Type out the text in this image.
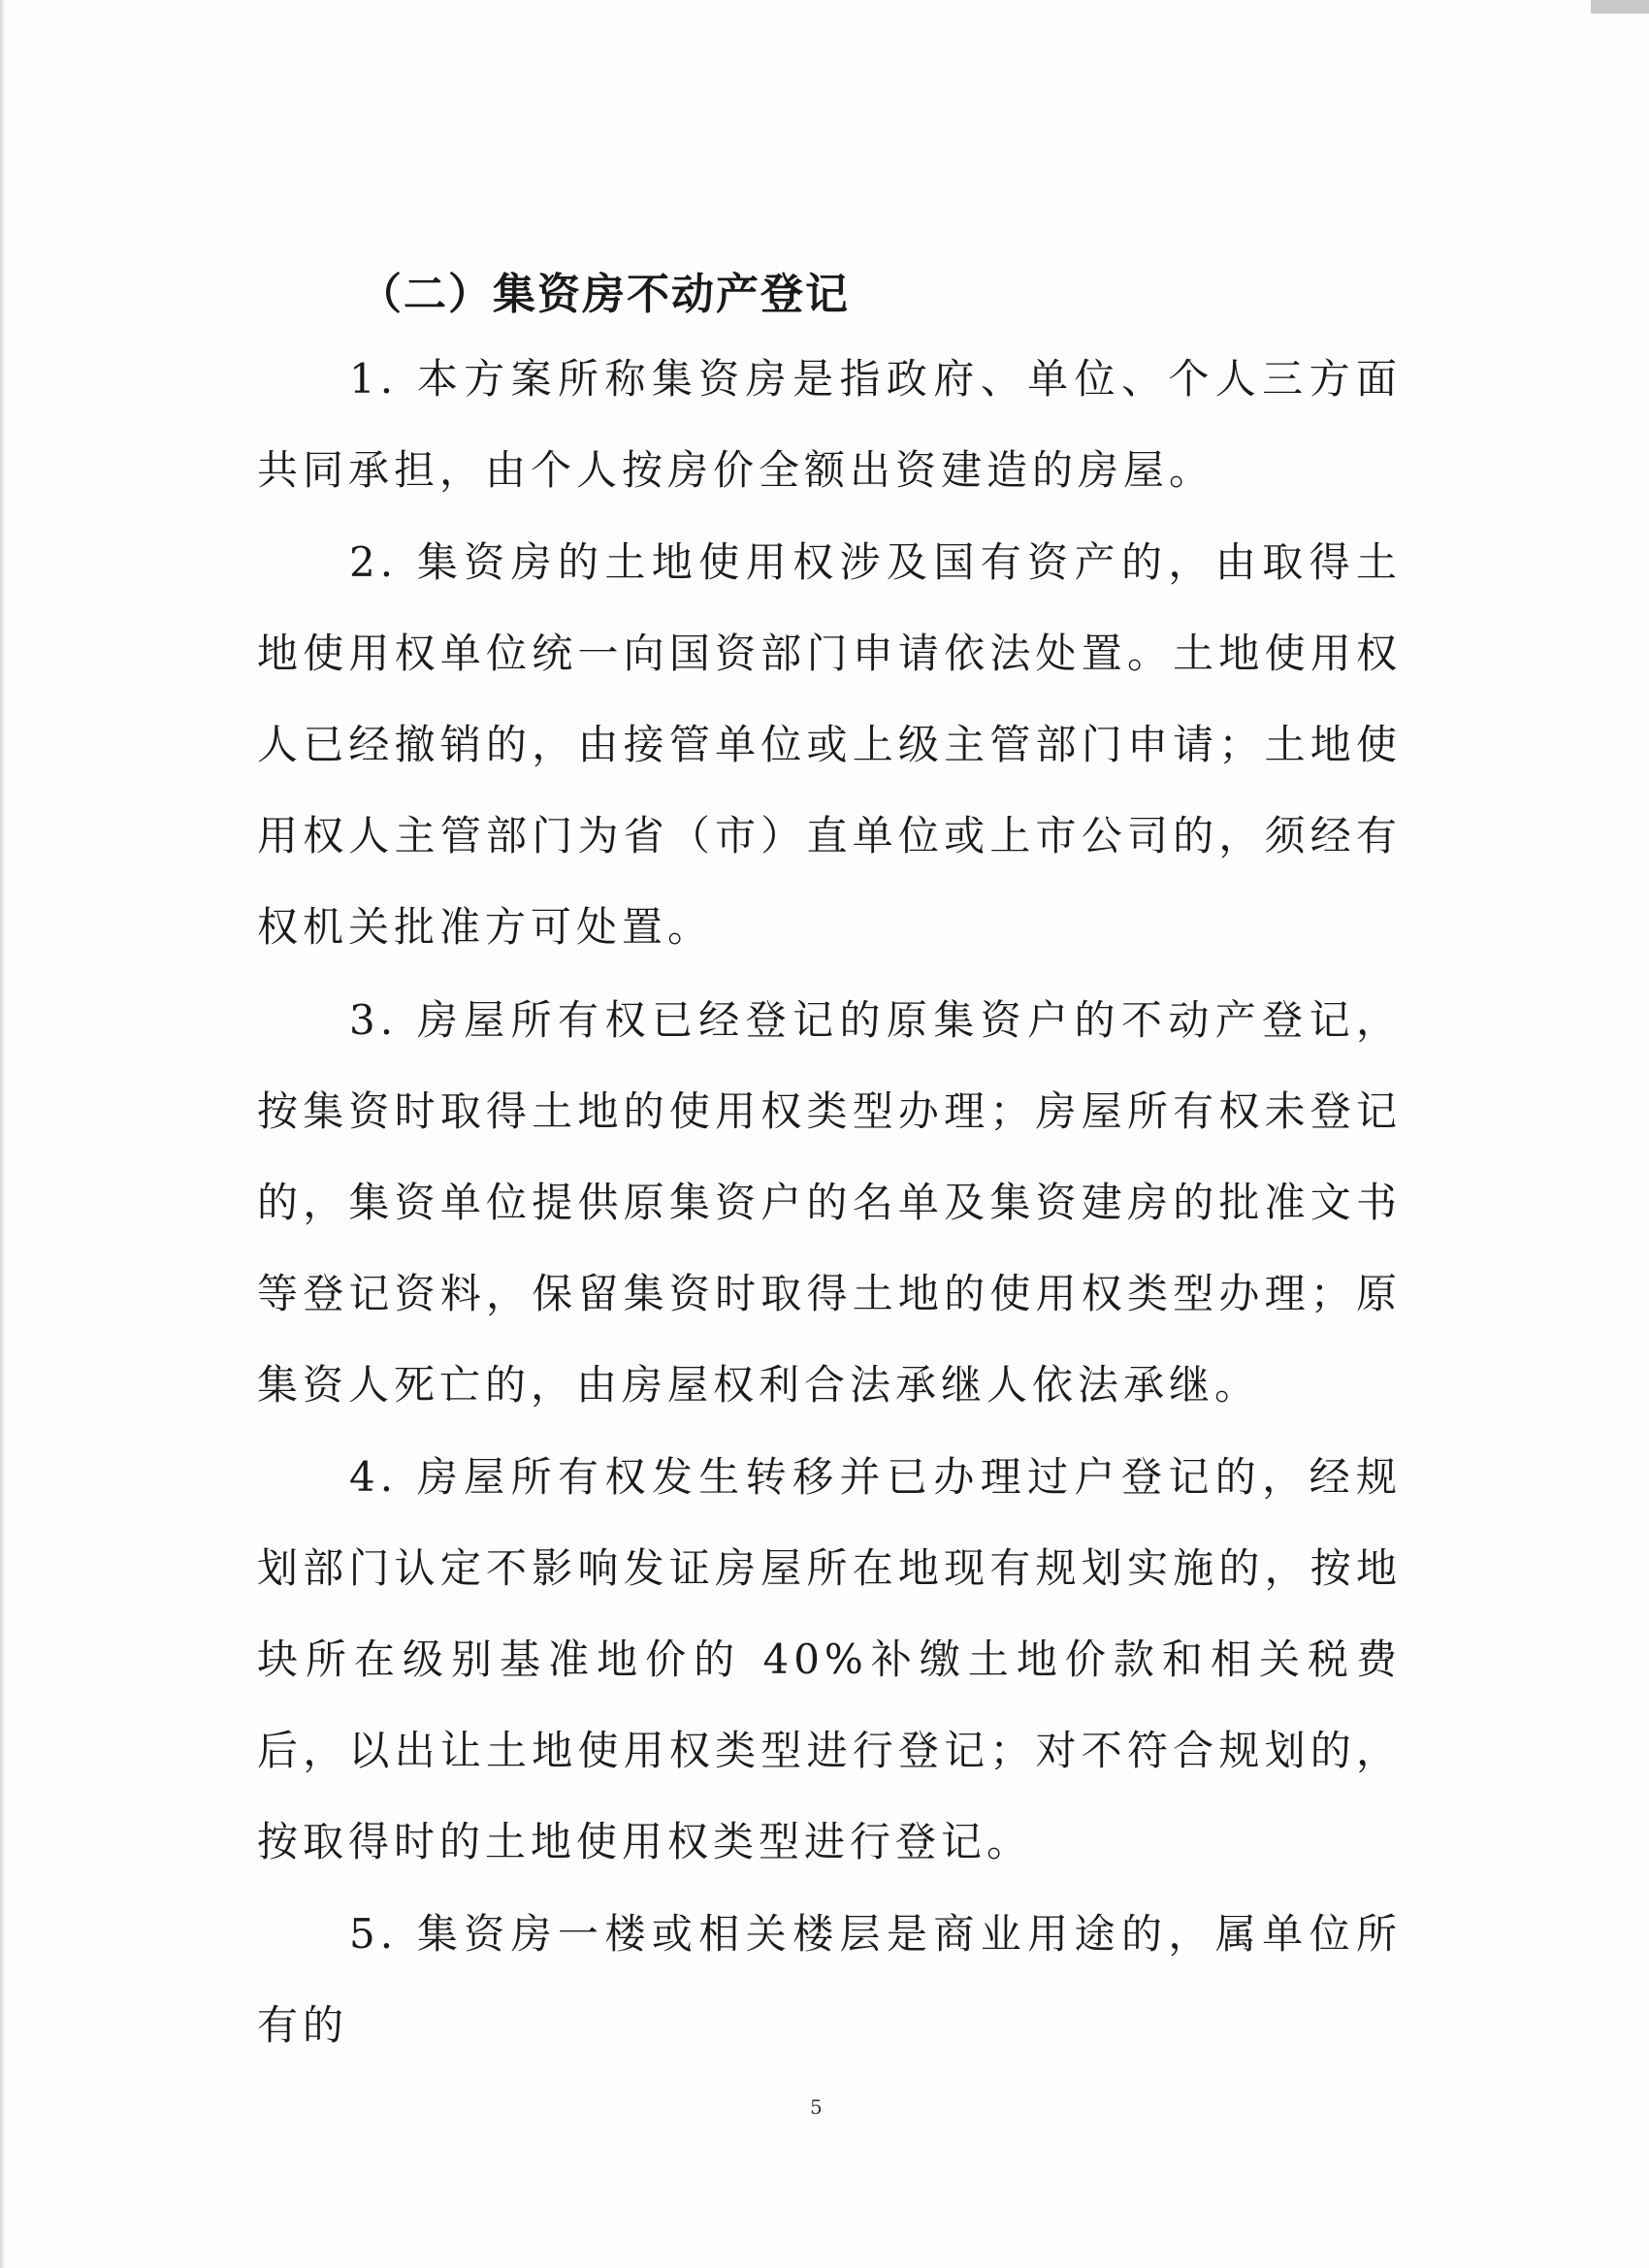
（二）集资房不动产登记

1. 本方案所称集资房是指政府、单位、个人三方面共同承担，由个人按房价全额出资建造的房屋。

2. 集资房的土地使用权涉及国有资产的，由取得土地使用权单位统一向国资部门申请依法处置。土地使用权人已经撤销的，由接管单位或上级主管部门申请；土地使用权人主管部门为省（市）直单位或上市公司的，须经有权机关批准方可处置。

3. 房屋所有权已经登记的原集资户的不动产登记，按集资时取得土地的使用权类型办理；房屋所有权未登记的，集资单位提供原集资户的名单及集资建房的批准文书等登记资料，保留集资时取得土地的使用权类型办理；原集资人死亡的，由房屋权利合法承继人依法承继。

4. 房屋所有权发生转移并已办理过户登记的，经规划部门认定不影响发证房屋所在地现有规划实施的，按地块所在级别基准地价的 40%补缴土地价款和相关税费后，以出让土地使用权类型进行登记；对不符合规划的，按取得时的土地使用权类型进行登记。

5. 集资房一楼或相关楼层是商业用途的，属单位所有的

5
